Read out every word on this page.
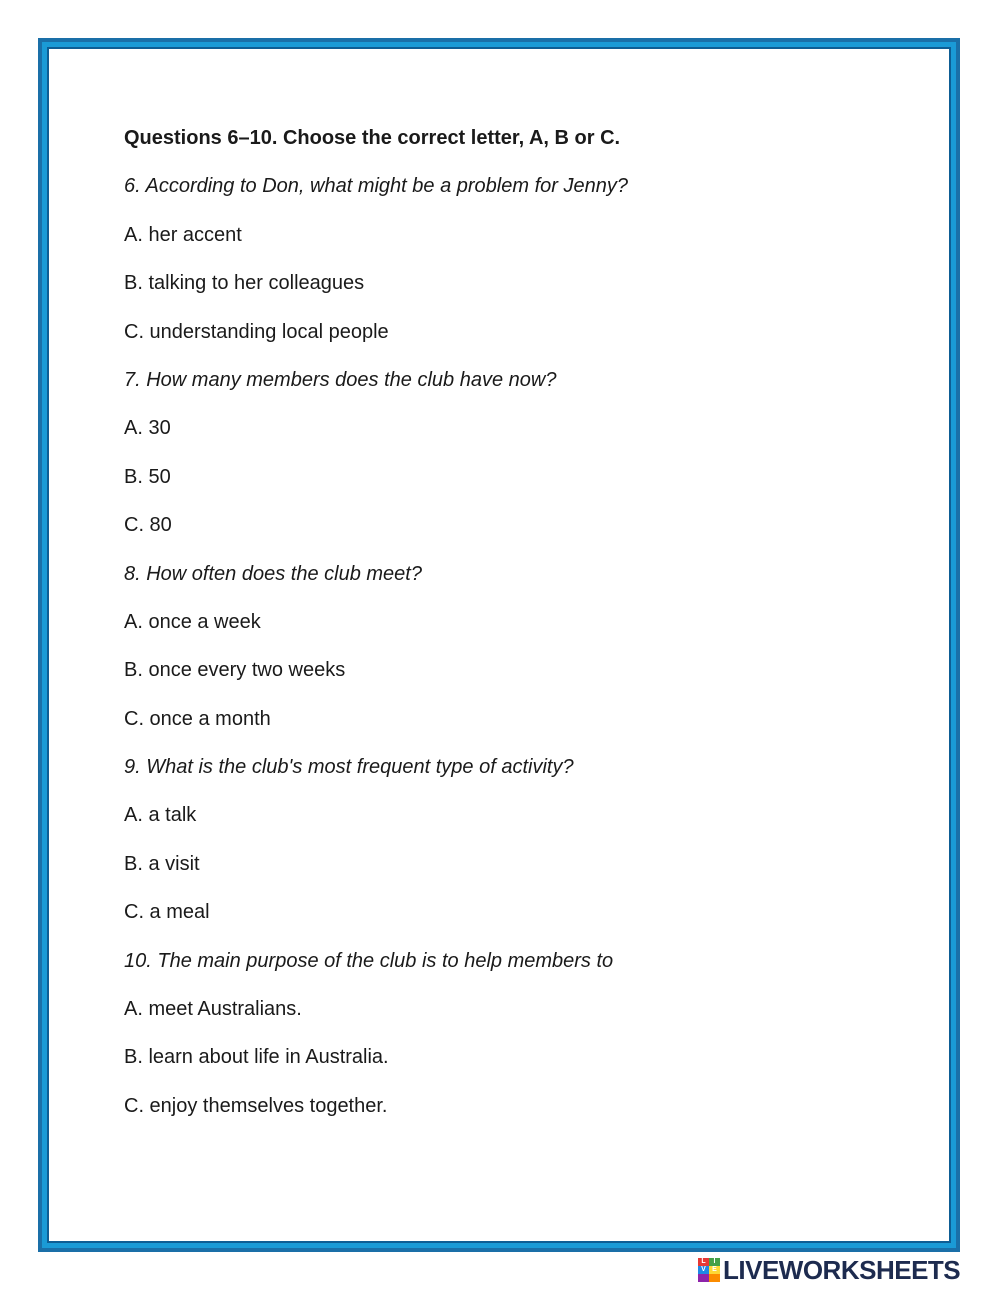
Questions 6–10. Choose the correct letter, A, B or C.
6. According to Don, what might be a problem for Jenny?
A. her accent
B. talking to her colleagues
C. understanding local people
7. How many members does the club have now?
A. 30
B. 50
C. 80
8. How often does the club meet?
A. once a week
B. once every two weeks
C. once a month
9. What is the club's most frequent type of activity?
A. a talk
B. a visit
C. a meal
10. The main purpose of the club is to help members to
A. meet Australians.
B. learn about life in Australia.
C. enjoy themselves together.
L	I
V E LIVEWORKSHEETS
